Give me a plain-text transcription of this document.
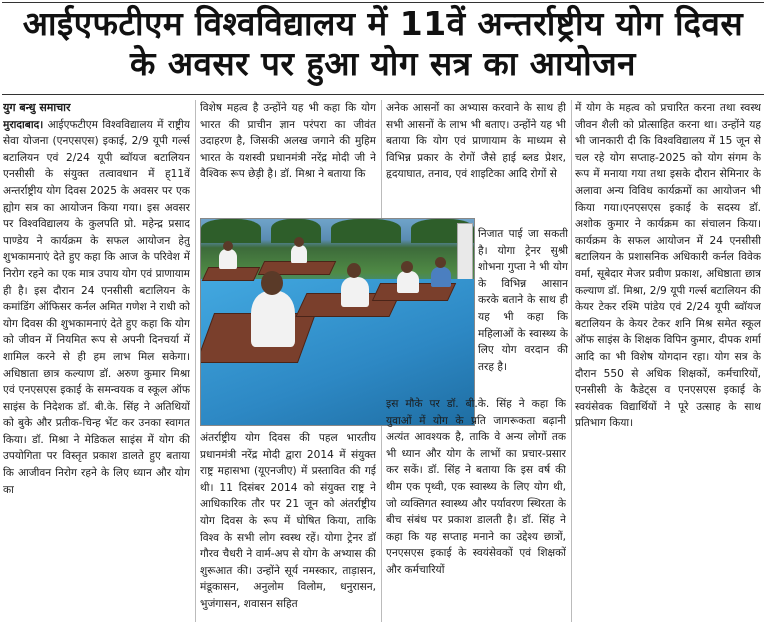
आईएफटीएम विश्वविद्यालय में 11वें अन्तर्राष्ट्रीय योग दिवस
के अवसर पर हुआ योग सत्र का आयोजन

युग बन्धु समाचार
मुरादाबाद। आईएफटीएम विश्वविद्यालय में राष्ट्रीय सेवा योजना (एनएसएस) इकाई, 2/9 यूपी गर्ल्स बटालियन एवं 2/24 यूपी ब्वॉयज बटालियन एनसीसी के संयुक्त तत्वावधान में ह्11वें अन्तर्राष्ट्रीय योग दिवस 2025 के अवसर पर एक ह्योग सत्र का आयोजन किया गया। इस अवसर पर विश्वविद्यालय के कुलपति प्रो. महेन्द्र प्रसाद पाण्डेय ने कार्यक्रम के सफल आयोजन हेतु शुभकामनाएं देते हुए कहा कि आज के परिवेश में निरोग रहने का एक मात्र उपाय योग एवं प्राणायाम ही है। इस दौरान 24 एनसीसी बटालियन के कमांडिंग ऑफिसर कर्नल अमित गणेश ने राधी को योग दिवस की शुभकामनाएं देते हुए कहा कि योग को जीवन में नियमित रूप से अपनी दिनचर्या में शामिल करने से ही हम लाभ मिल सकेगा। अधिष्ठाता छात्र कल्याण डॉ. अरुण कुमार मिश्रा एवं एनएसएस इकाई के समन्वयक व स्कूल ऑफ साइंस के निदेशक डॉ. बी.के. सिंह ने अतिथियों को बुके और प्रतीक-चिन्ह भेंट कर उनका स्वागत किया। डॉ. मिश्रा ने मेडिकल साइंस में योग की उपयोगिता पर विस्तृत प्रकाश डालते हुए बताया कि आजीवन निरोग रहने के लिए ध्यान और योग का

विशेष महत्व है उन्होंने यह भी कहा कि योग भारत की प्राचीन ज्ञान परंपरा का जीवंत उदाहरण है, जिसकी अलख जगाने की मुहिम भारत के यशस्वी प्रधानमंत्री नरेंद्र मोदी जी ने वैश्विक रूप छेड़ी है। डॉ. मिश्रा ने बताया कि

अंतर्राष्ट्रीय योग दिवस की पहल भारतीय प्रधानमंत्री नरेंद्र मोदी द्वारा 2014 में संयुक्त राष्ट्र महासभा (यूएनजीए) में प्रस्तावित की गई थी। 11 दिसंबर 2014 को संयुक्त राष्ट्र ने आधिकारिक तौर पर 21 जून को अंतर्राष्ट्रीय योग दिवस के रूप में घोषित किया, ताकि विश्व के सभी लोग स्वस्थ रहें। योगा ट्रेनर डॉ गौरव चैधरी ने वार्म-अप से योग के अभ्यास की शुरूआत की। उन्होंने सूर्य नमस्कार, ताड़ासन, मंडूकासन, अनुलोम विलोम, धनुरासन, भुजंगासन, शवासन सहित

अनेक आसनों का अभ्यास करवाने के साथ ही सभी आसनों के लाभ भी बताए। उन्होंने यह भी बताया कि योग एवं प्राणायाम के माध्यम से विभिन्न प्रकार के रोगों जैसे हाई ब्लड प्रेशर, हृदयाघात, तनाव, एवं शाइटिका आदि रोगों से

निजात पाई जा सकती है। योगा ट्रेनर सुश्री शोभना गुप्ता ने भी योग के विभिन्न आसान करके बताने के साथ ही यह भी कहा कि महिलाओं के स्वास्थ्य के लिए योग वरदान की तरह है।

इस मौके पर डॉ. बी.के. सिंह ने कहा कि युवाओं में योग के प्रति जागरूकता बढ़ानी अत्यंत आवश्यक है, ताकि वे अन्य लोगों तक भी ध्यान और योग के लाभों का प्रचार-प्रसार कर सकें। डॉ. सिंह ने बताया कि इस वर्ष की थीम एक पृथ्वी, एक स्वास्थ्य के लिए योग थी, जो व्यक्तिगत स्वास्थ्य और पर्यावरण स्थिरता के बीच संबंध पर प्रकाश डालती है। डॉ. सिंह ने कहा कि यह सप्ताह मनाने का उद्देश्य छात्रों, एनएसएस इकाई के स्वयंसेवकों एवं शिक्षकों और कर्मचारियों

में योग के महत्व को प्रचारित करना तथा स्वस्थ जीवन शैली को प्रोत्साहित करना था। उन्होंने यह भी जानकारी दी कि विश्वविद्यालय में 15 जून से चल रहे योग सप्ताह-2025 को योग संगम के रूप में मनाया गया तथा इसके दौरान सेमिनार के अलावा अन्य विविध कार्यक्रमों का आयोजन भी किया गया।एनएसएस इकाई के सदस्य डॉ. अशोक कुमार ने कार्यक्रम का संचालन किया। कार्यक्रम के सफल आयोजन में 24 एनसीसी बटालियन के प्रशासनिक अधिकारी कर्नल विवेक वर्मा, सूबेदार मेजर प्रवीण प्रकाश, अधिष्ठाता छात्र कल्याण डॉ. मिश्रा, 2/9 यूपी गर्ल्स बटालियन की केयर टेकर रश्मि पांडेय एवं 2/24 यूपी ब्वॉयज बटालियन के केयर टेकर शनि मिश्र समेत स्कूल ऑफ साइंस के शिक्षक विपिन कुमार, दीपक शर्मा आदि का भी विशेष योगदान रहा। योग सत्र के दौरान 550 से अधिक शिक्षकों, कर्मचारियों, एनसीसी के कैडेट्स व एनएसएस इकाई के स्वयंसेवक विद्यार्थियों ने पूरे उत्साह के साथ प्रतिभाग किया।
